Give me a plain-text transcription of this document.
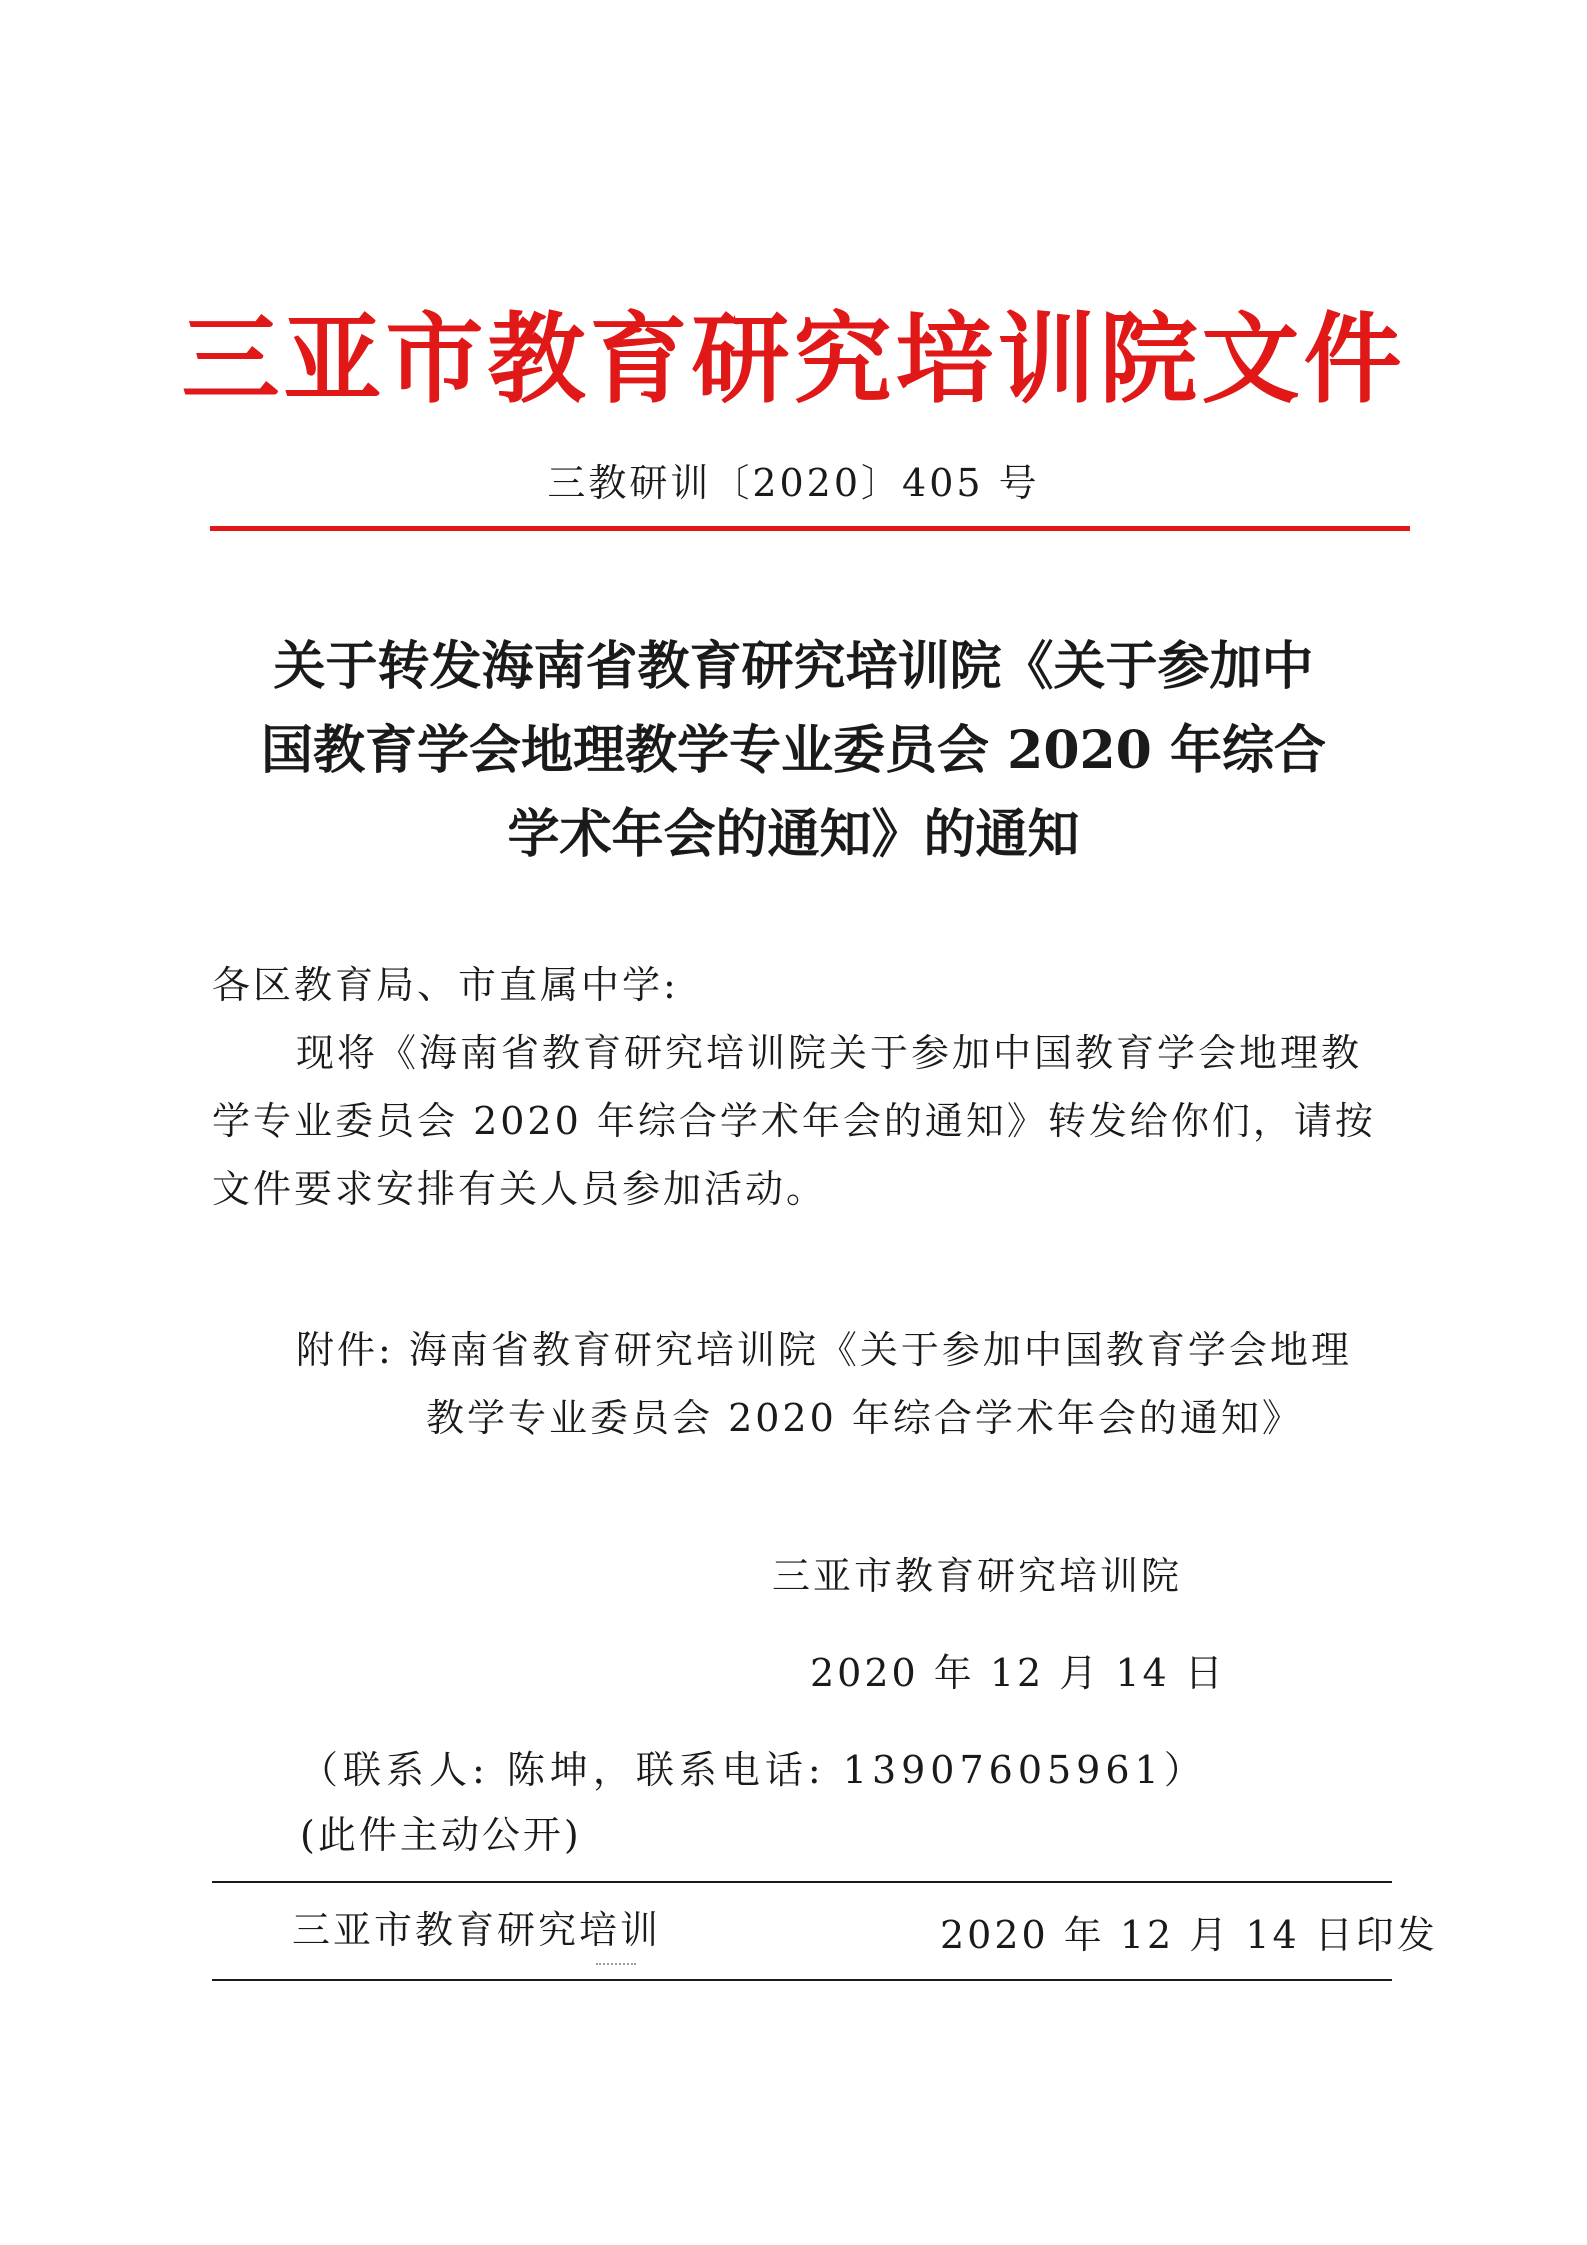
三亚市教育研究培训院文件
三教研训〔2020〕405 号
关于转发海南省教育研究培训院《关于参加中
国教育学会地理教学专业委员会 2020 年综合
学术年会的通知》的通知
各区教育局、市直属中学:
现将《海南省教育研究培训院关于参加中国教育学会地理教
学专业委员会 2020 年综合学术年会的通知》转发给你们，请按
文件要求安排有关人员参加活动。
附件: 海南省教育研究培训院《关于参加中国教育学会地理
教学专业委员会 2020 年综合学术年会的通知》
三亚市教育研究培训院
2020 年 12 月 14 日
（联系人: 陈坤，联系电话: 13907605961）
(此件主动公开)
三亚市教育研究培训	2020 年 12 月 14 日印发
